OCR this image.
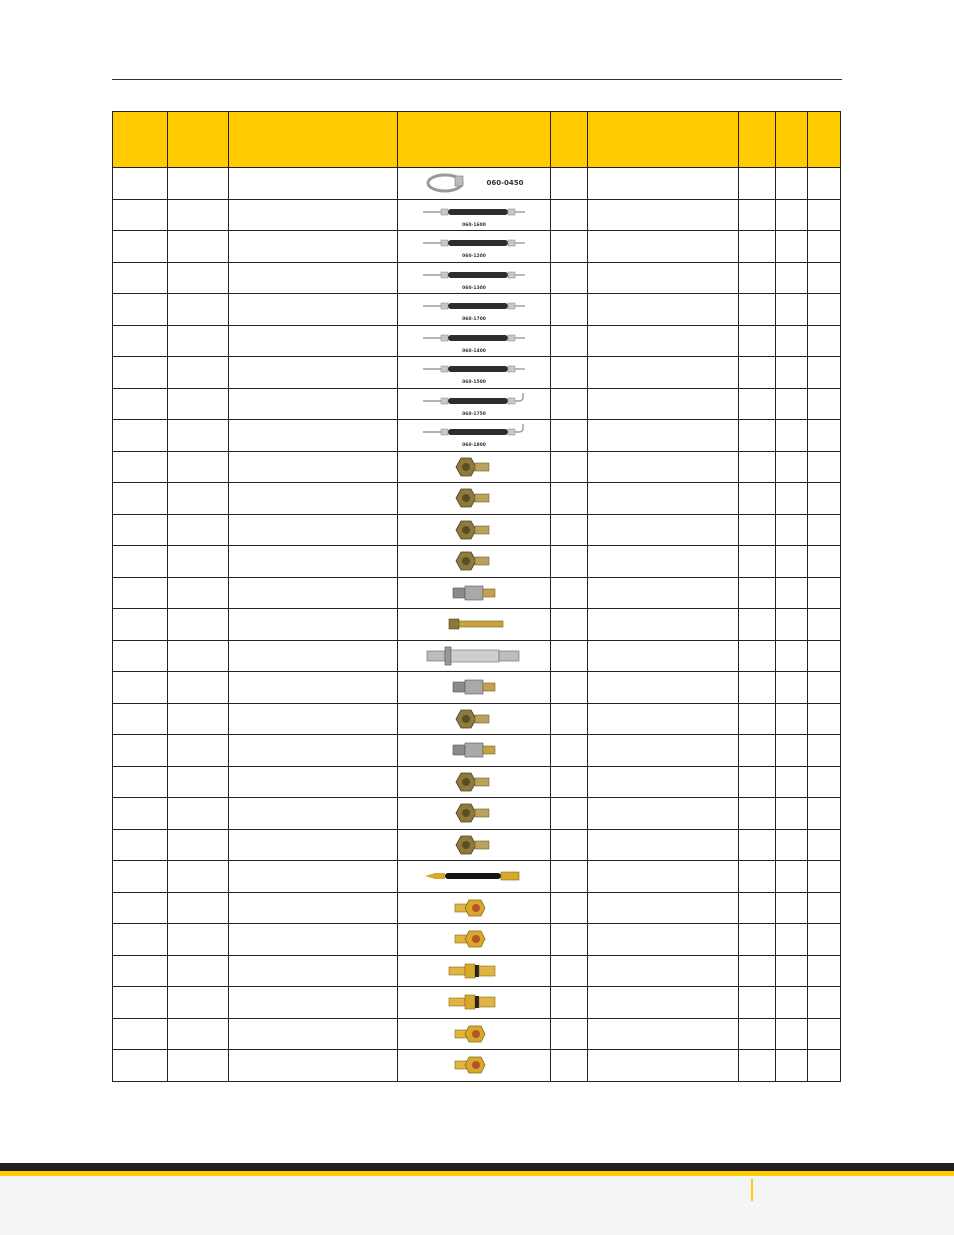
060-0450					

060-1600					

060-1200					

060-1300					

060-1700					

060-1400					

060-1500					

060-1750					

060-1800					
